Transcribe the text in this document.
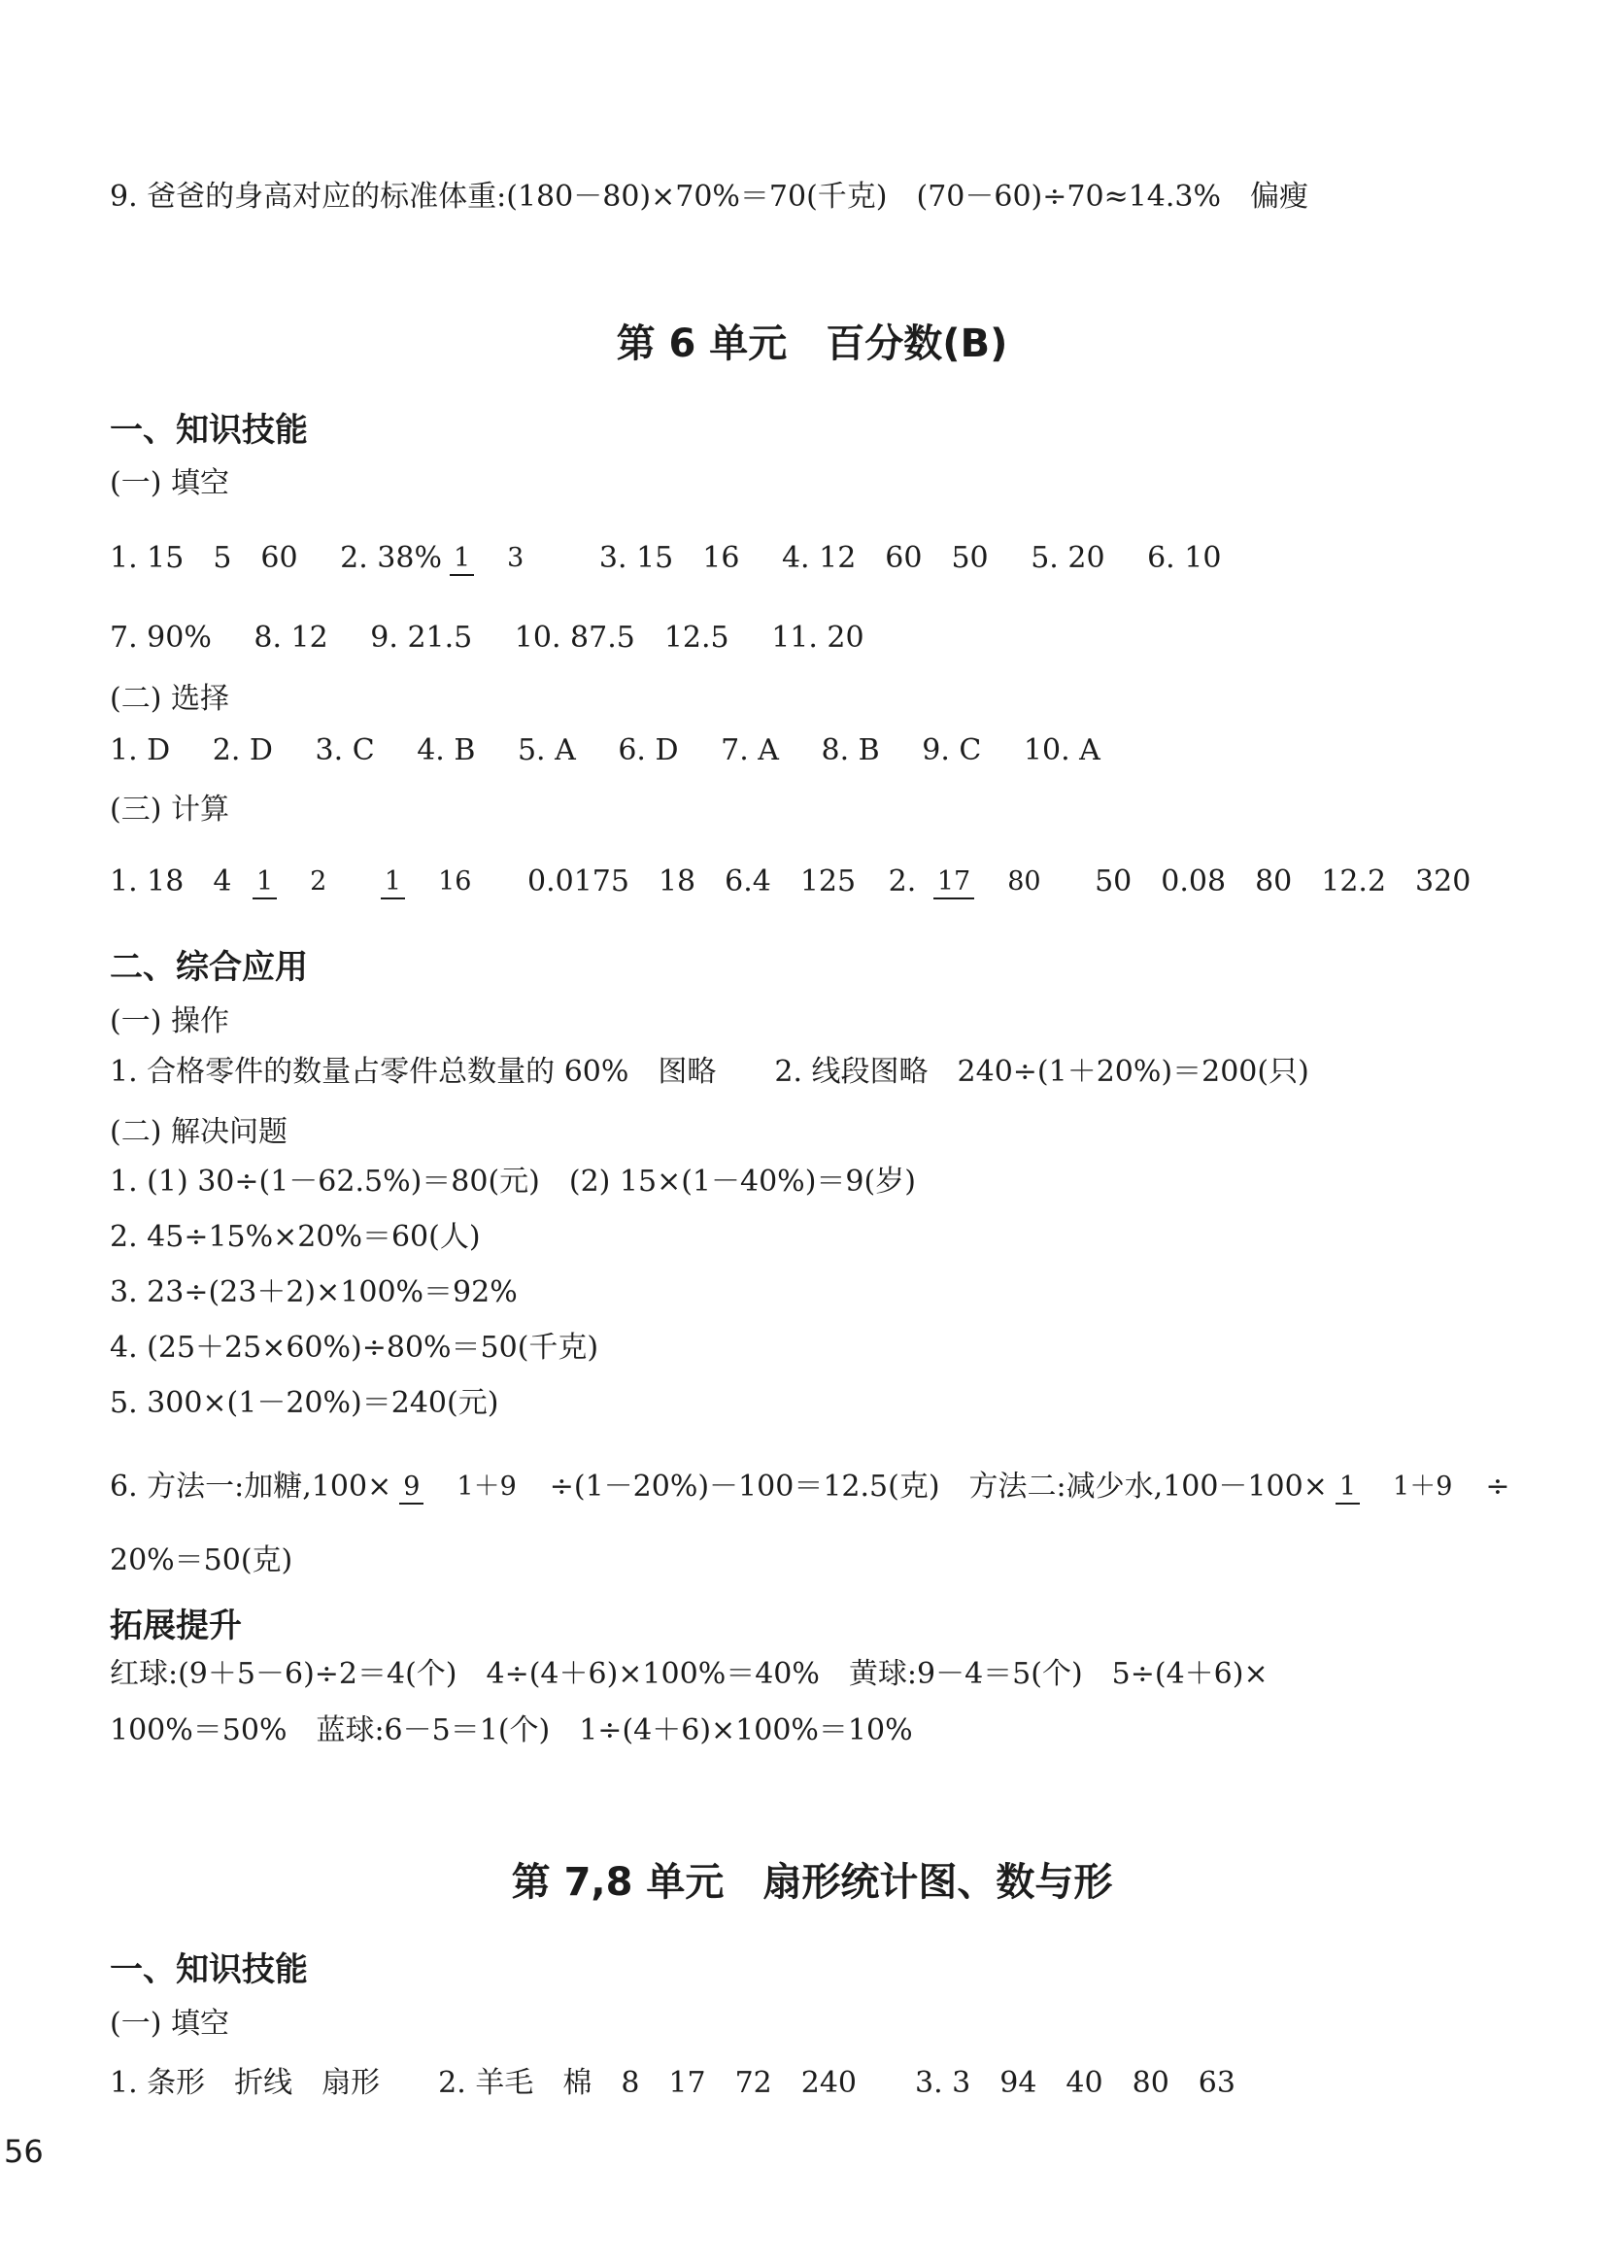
9. 爸爸的身高对应的标准体重:(180－80)×70%＝70(千克)　(70－60)÷70≈14.3%　偏瘦
第 6 单元　百分数(B)
一、知识技能
(一) 填空
1. 15　5　60 2. 38% 1 3	3. 15　16 4. 12　60　50 5. 20 6. 10
7. 90% 8. 12 9. 21.5 10. 87.5　12.5 11. 20
(二) 选择
1. D 2. D 3. C 4. B 5. A 6. D 7. A 8. B 9. C 10. A
(三) 计算
1. 18　4 1 2 1 16 0.0175　18　6.4　125 2. 17 80 50　0.08　80　12.2　320
二、综合应用
(一) 操作
1. 合格零件的数量占零件总数量的 60%　图略　　2. 线段图略　240÷(1＋20%)＝200(只)
(二) 解决问题
1. (1) 30÷(1－62.5%)＝80(元)　(2) 15×(1－40%)＝9(岁)
2. 45÷15%×20%＝60(人)
3. 23÷(23＋2)×100%＝92%
4. (25＋25×60%)÷80%＝50(千克)
5. 300×(1－20%)＝240(元)
6. 方法一:加糖,100× 9 1＋9 ÷(1－20%)－100＝12.5(克)　方法二:减少水,100－100× 1 1＋9 ÷
20%＝50(克)
拓展提升
红球:(9＋5－6)÷2＝4(个)　4÷(4＋6)×100%＝40%　黄球:9－4＝5(个)　5÷(4＋6)×
100%＝50%　蓝球:6－5＝1(个)　1÷(4＋6)×100%＝10%
第 7,8 单元　扇形统计图、数与形
一、知识技能
(一) 填空
1. 条形　折线　扇形　　2. 羊毛　棉　8　17　72　240　　3. 3　94　40　80　63
56
